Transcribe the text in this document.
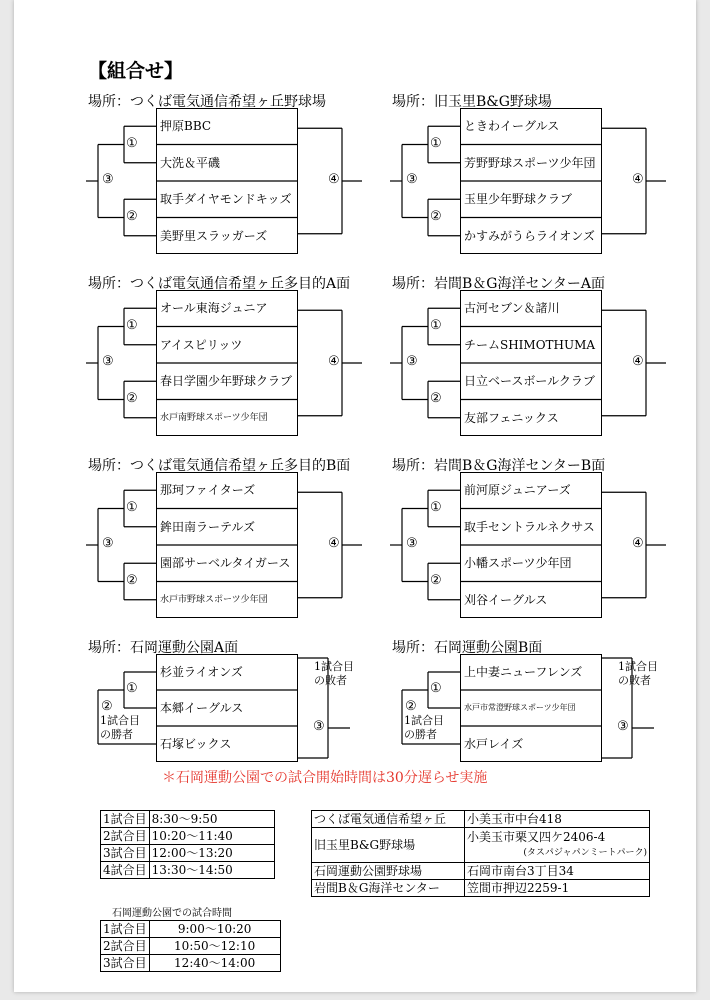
【組合せ】
場所：つくば電気通信希望ヶ丘野球場
押原BBC
大洗＆平磯
取手ダイヤモンドキッズ
美野里スラッガーズ
①
②
③	④
場所：旧玉里B&G野球場
ときわイーグルス
芳野野球スポーツ少年団
玉里少年野球クラブ
かすみがうらライオンズ
①
②
③	④
場所：つくば電気通信希望ヶ丘多目的A面
オール東海ジュニア
アイスピリッツ
春日学園少年野球クラブ
水戸南野球スポーツ少年団
①
②
③	④
場所：岩間B＆G海洋センターA面
古河セブン＆諸川
チームSHIMOTHUMA
日立ベースボールクラブ
友部フェニックス
①
②
③	④
場所：つくば電気通信希望ヶ丘多目的B面
那珂ファイターズ
鉾田南ラーテルズ
園部サーベルタイガース
水戸市野球スポーツ少年団
①
②
③	④
場所：岩間B＆G海洋センターB面
前河原ジュニアーズ
取手セントラルネクサス
小幡スポーツ少年団
刈谷イーグルス
①
②
③	④
場所：石岡運動公園A面
杉並ライオンズ
本郷イーグルス
石塚ビックス
①
②
1試合目
の勝者
③
1試合目
の敗者
場所：石岡運動公園B面
上中妻ニューフレンズ
水戸市常澄野球スポーツ少年団
水戸レイズ
①
②
1試合目
の勝者
③
1試合目
の敗者
＊石岡運動公園での試合開始時間は30分遅らせ実施
1試合目	8:30〜9:50
2試合目	10:20〜11:40
3試合目	12:00〜13:20
4試合目	13:30〜14:50
つくば電気通信希望ヶ丘	小美玉市中台418
旧玉里B&G野球場	小美玉市栗又四ケ2406-4
(タスパジャパンミートパーク)

石岡運動公園野球場	石岡市南台3丁目34
岩間B＆G海洋センター	笠間市押辺2259-1
石岡運動公園での試合時間
1試合目	9:00〜10:20
2試合目	10:50〜12:10
3試合目	12:40〜14:00
